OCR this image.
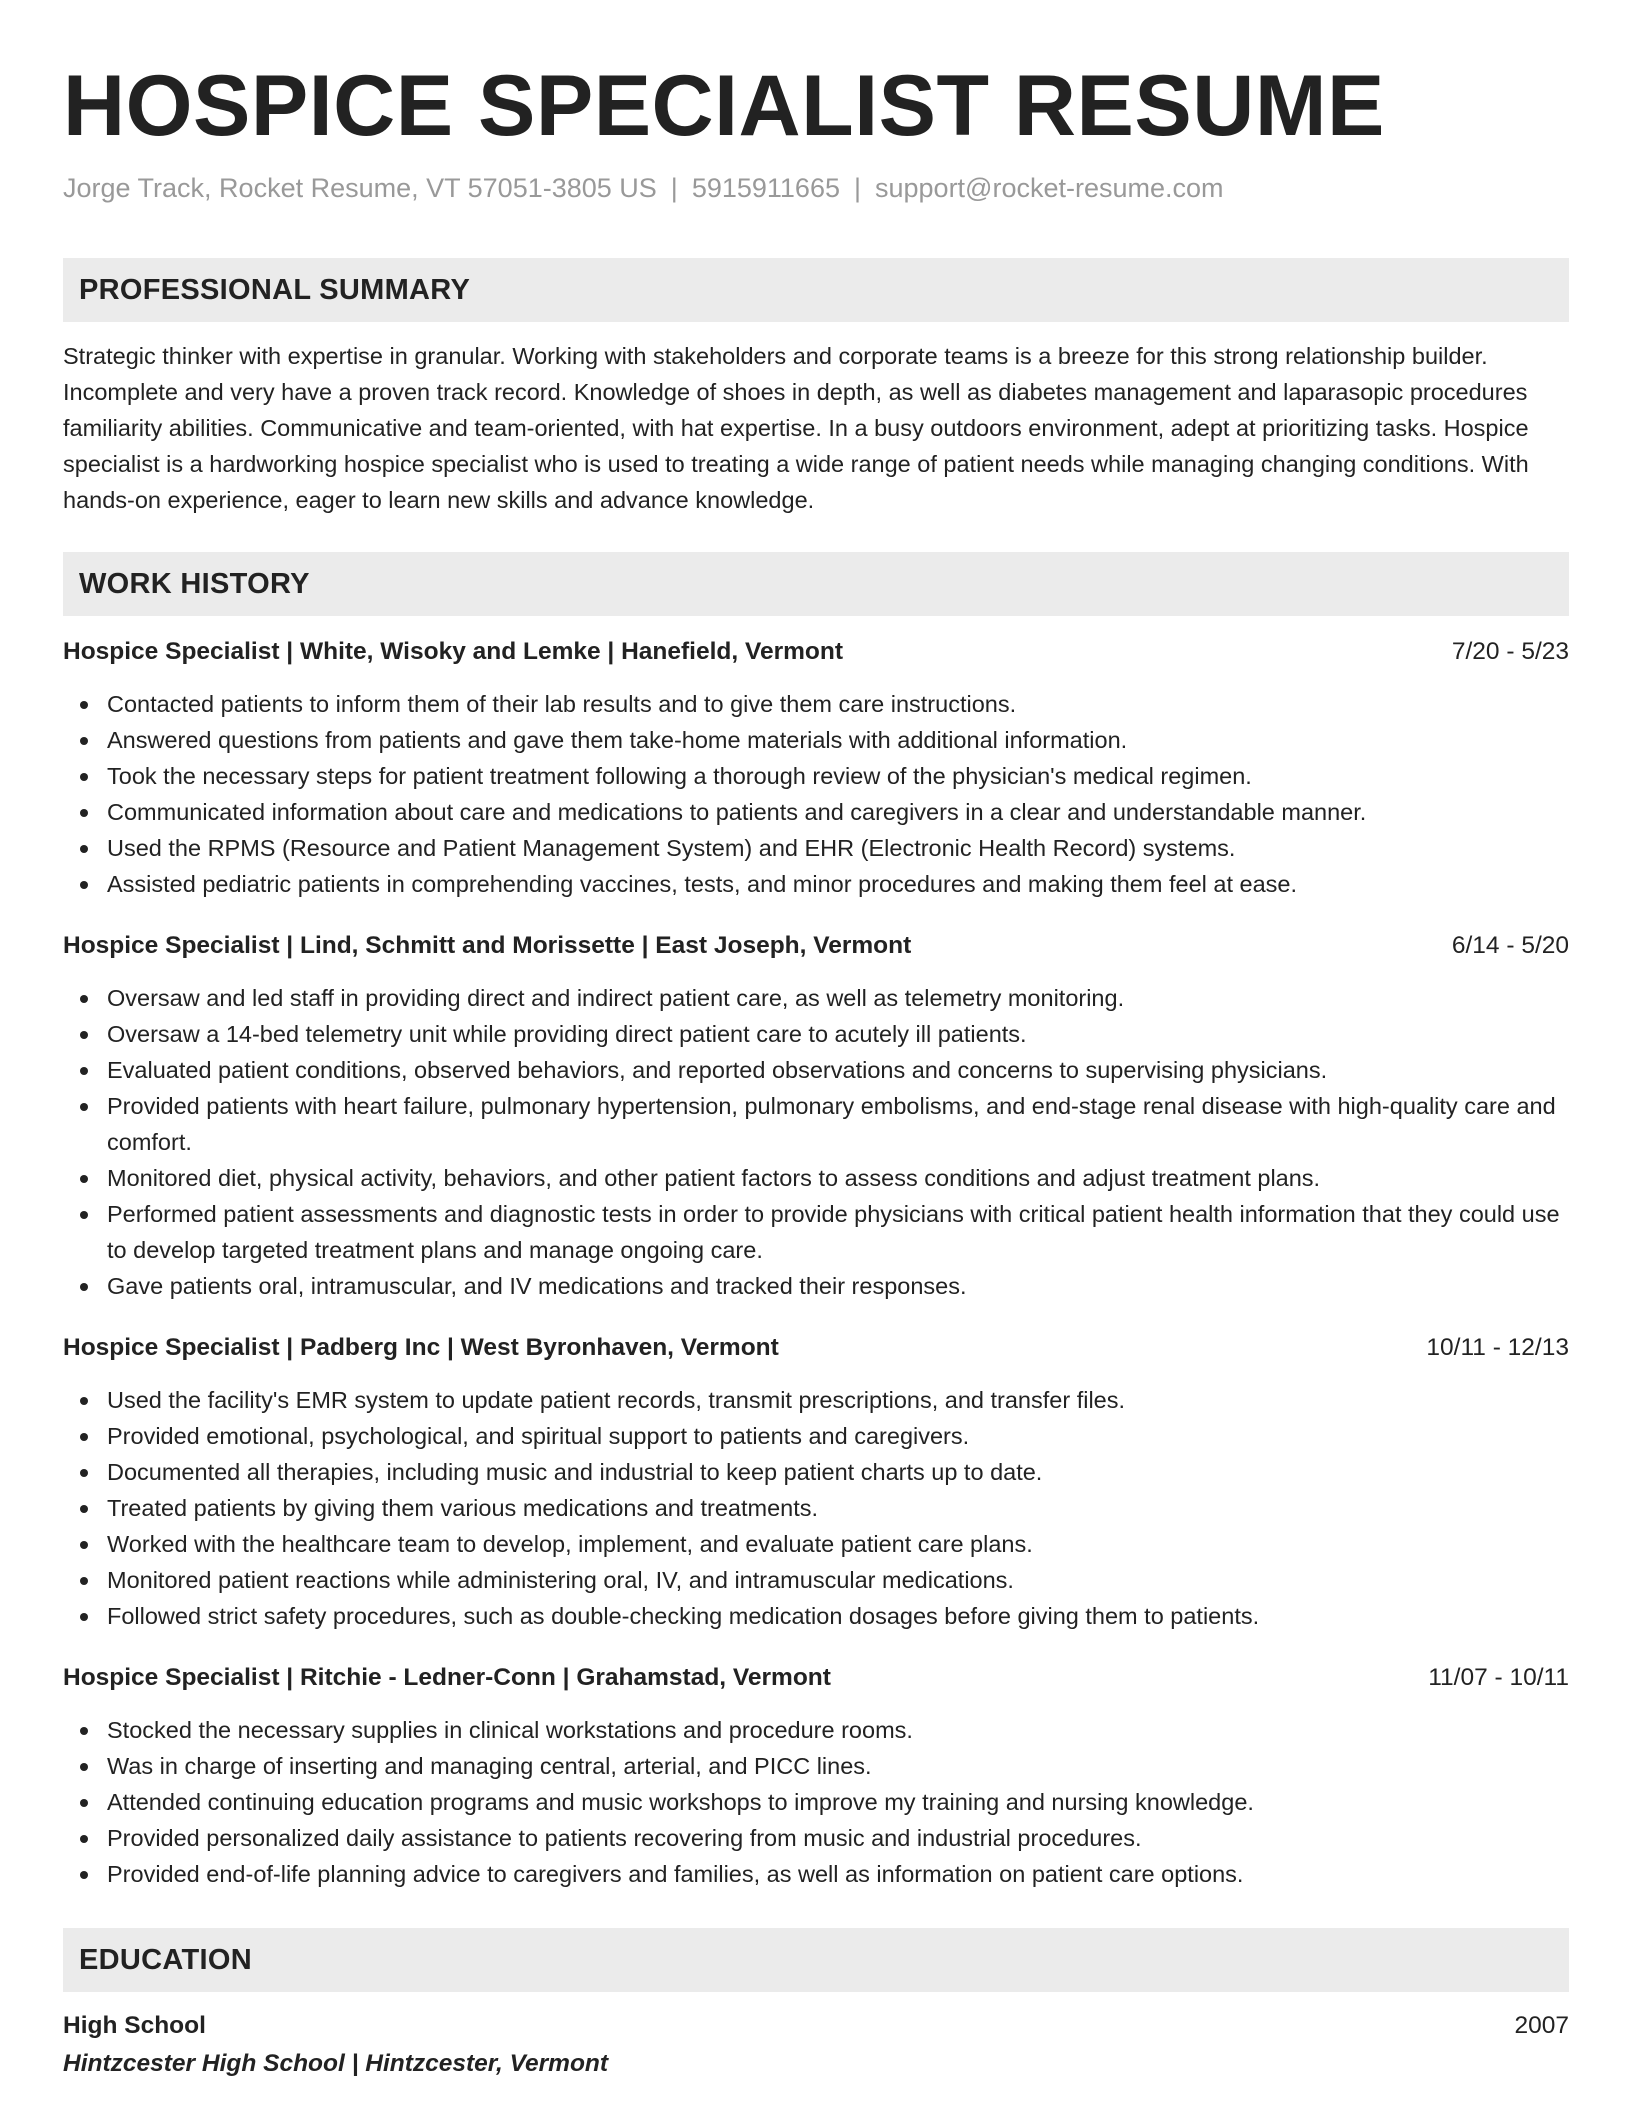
HOSPICE SPECIALIST RESUME
Jorge Track, Rocket Resume, VT 57051-3805 US | 5915911665 | support@rocket-resume.com
PROFESSIONAL SUMMARY

Strategic thinker with expertise in granular. Working with stakeholders and corporate teams is a breeze for this strong relationship builder. Incomplete and very have a proven track record. Knowledge of shoes in depth, as well as diabetes management and laparasopic procedures familiarity abilities. Communicative and team-oriented, with hat expertise. In a busy outdoors environment, adept at prioritizing tasks. Hospice specialist is a hardworking hospice specialist who is used to treating a wide range of patient needs while managing changing conditions. With hands-on experience, eager to learn new skills and advance knowledge.

WORK HISTORY
Hospice Specialist | White, Wisoky and Lemke | Hanefield, Vermont	7/20 - 5/23
Contacted patients to inform them of their lab results and to give them care instructions.
Answered questions from patients and gave them take-home materials with additional information.
Took the necessary steps for patient treatment following a thorough review of the physician's medical regimen.
Communicated information about care and medications to patients and caregivers in a clear and understandable manner.
Used the RPMS (Resource and Patient Management System) and EHR (Electronic Health Record) systems.
Assisted pediatric patients in comprehending vaccines, tests, and minor procedures and making them feel at ease.
Hospice Specialist | Lind, Schmitt and Morissette | East Joseph, Vermont	6/14 - 5/20
Oversaw and led staff in providing direct and indirect patient care, as well as telemetry monitoring.
Oversaw a 14-bed telemetry unit while providing direct patient care to acutely ill patients.
Evaluated patient conditions, observed behaviors, and reported observations and concerns to supervising physicians.
Provided patients with heart failure, pulmonary hypertension, pulmonary embolisms, and end-stage renal disease with high-quality care and comfort.
Monitored diet, physical activity, behaviors, and other patient factors to assess conditions and adjust treatment plans.
Performed patient assessments and diagnostic tests in order to provide physicians with critical patient health information that they could use to develop targeted treatment plans and manage ongoing care.
Gave patients oral, intramuscular, and IV medications and tracked their responses.
Hospice Specialist | Padberg Inc | West Byronhaven, Vermont	10/11 - 12/13
Used the facility's EMR system to update patient records, transmit prescriptions, and transfer files.
Provided emotional, psychological, and spiritual support to patients and caregivers.
Documented all therapies, including music and industrial to keep patient charts up to date.
Treated patients by giving them various medications and treatments.
Worked with the healthcare team to develop, implement, and evaluate patient care plans.
Monitored patient reactions while administering oral, IV, and intramuscular medications.
Followed strict safety procedures, such as double-checking medication dosages before giving them to patients.
Hospice Specialist | Ritchie - Ledner-Conn | Grahamstad, Vermont	11/07 - 10/11
Stocked the necessary supplies in clinical workstations and procedure rooms.
Was in charge of inserting and managing central, arterial, and PICC lines.
Attended continuing education programs and music workshops to improve my training and nursing knowledge.
Provided personalized daily assistance to patients recovering from music and industrial procedures.
Provided end-of-life planning advice to caregivers and families, as well as information on patient care options.
EDUCATION
High School	2007
Hintzcester High School | Hintzcester, Vermont
